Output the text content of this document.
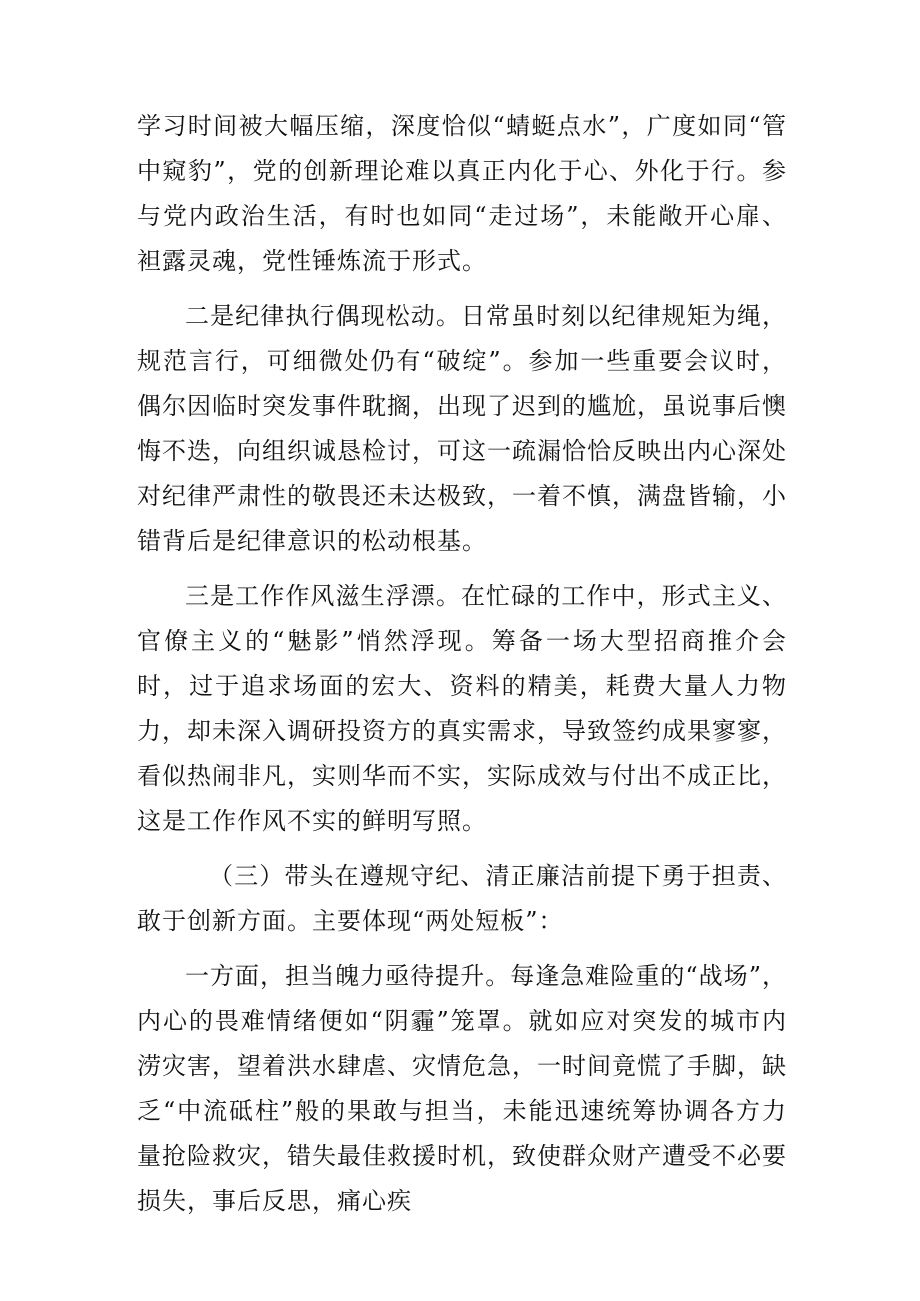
学习时间被大幅压缩，深度恰似“蜻蜓点水”，广度如同“管中窥豹”，党的创新理论难以真正内化于心、外化于行。参与党内政治生活，有时也如同“走过场”，未能敞开心扉、袒露灵魂，党性锤炼流于形式。

二是纪律执行偶现松动。日常虽时刻以纪律规矩为绳，规范言行，可细微处仍有“破绽”。参加一些重要会议时，偶尔因临时突发事件耽搁，出现了迟到的尴尬，虽说事后懊悔不迭，向组织诚恳检讨，可这一疏漏恰恰反映出内心深处对纪律严肃性的敬畏还未达极致，一着不慎，满盘皆输，小错背后是纪律意识的松动根基。

三是工作作风滋生浮漂。在忙碌的工作中，形式主义、官僚主义的“魅影”悄然浮现。筹备一场大型招商推介会时，过于追求场面的宏大、资料的精美，耗费大量人力物力，却未深入调研投资方的真实需求，导致签约成果寥寥，看似热闹非凡，实则华而不实，实际成效与付出不成正比，这是工作作风不实的鲜明写照。

（三）带头在遵规守纪、清正廉洁前提下勇于担责、敢于创新方面。主要体现“两处短板”：

一方面，担当魄力亟待提升。每逢急难险重的“战场”，内心的畏难情绪便如“阴霾”笼罩。就如应对突发的城市内涝灾害，望着洪水肆虐、灾情危急，一时间竟慌了手脚，缺乏“中流砥柱”般的果敢与担当，未能迅速统筹协调各方力量抢险救灾，错失最佳救援时机，致使群众财产遭受不必要损失，事后反思，痛心疾
